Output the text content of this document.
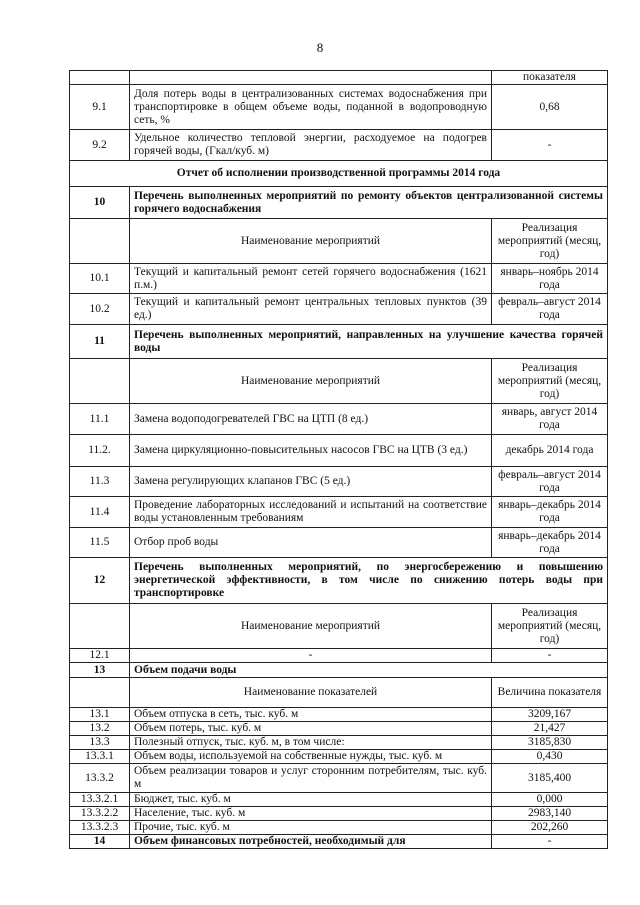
8
		показателя
9.1	Доля потерь воды в централизованных системах водоснабжения при транспортировке в общем объеме воды, поданной в водопроводную сеть, %	0,68
9.2	Удельное количество тепловой энергии, расходуемое на подогрев горячей воды, (Гкал/куб. м)	-
Отчет об исполнении производственной программы 2014 года		
10	Перечень выполненных мероприятий по ремонту объектов централизованной системы горячего водоснабжения	
	Наименование мероприятий	Реализация мероприятий (месяц, год)
10.1	Текущий и капитальный ремонт сетей горячего водоснабжения (1621 п.м.)	январь–ноябрь 2014 года
10.2	Текущий и капитальный ремонт центральных тепловых пунктов (39 ед.)	февраль–август 2014 года
11	Перечень выполненных мероприятий, направленных на улучшение качества горячей воды	
	Наименование мероприятий	Реализация мероприятий (месяц, год)
11.1	Замена водоподогревателей ГВС на ЦТП (8 ед.)	январь, август 2014 года
11.2.	Замена циркуляционно-повысительных насосов ГВС на ЦТВ (3 ед.)	декабрь 2014 года
11.3	Замена регулирующих клапанов ГВС (5 ед.)	февраль–август 2014 года
11.4	Проведение лабораторных исследований и испытаний на соответствие воды установленным требованиям	январь–декабрь 2014 года
11.5	Отбор проб воды	январь–декабрь 2014 года
12	Перечень выполненных мероприятий, по энергосбережению и повышению энергетической эффективности, в том числе по снижению потерь воды при транспортировке	
	Наименование мероприятий	Реализация мероприятий (месяц, год)
12.1	-	-
13	Объем подачи воды	
	Наименование показателей	Величина показателя
13.1	Объем отпуска в сеть, тыс. куб. м	3209,167
13.2	Объем потерь, тыс. куб. м	21,427
13.3	Полезный отпуск, тыс. куб. м, в том числе:	3185,830
13.3.1	Объем воды, используемой на собственные нужды, тыс. куб. м	0,430
13.3.2	Объем реализации товаров и услуг сторонним потребителям, тыс. куб. м	3185,400
13.3.2.1	Бюджет, тыс. куб. м	0,000
13.3.2.2	Население, тыс. куб. м	2983,140
13.3.2.3	Прочие, тыс. куб. м	202,260
14	Объем финансовых потребностей, необходимый для	-
